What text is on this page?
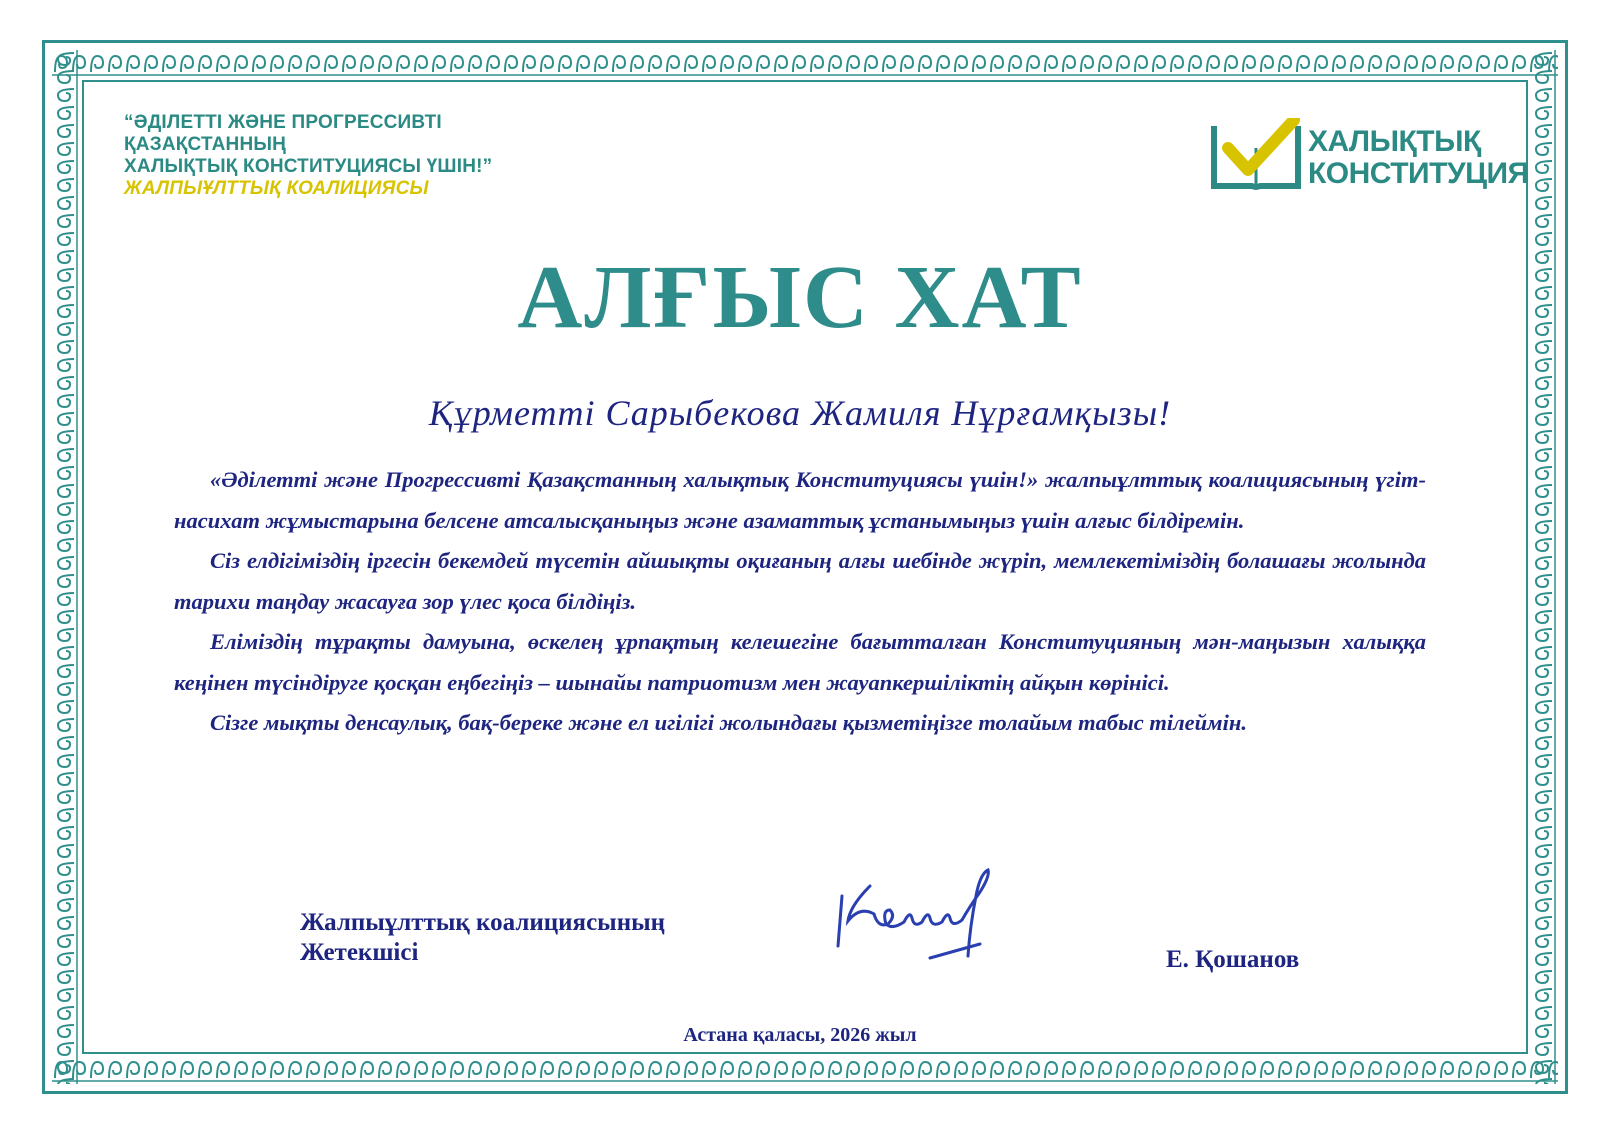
“ӘДІЛЕТТІ ЖӘНЕ ПРОГРЕССИВТІ
ҚАЗАҚСТАННЫҢ
ХАЛЫҚТЫҚ КОНСТИТУЦИЯСЫ ҮШІН!”
ЖАЛПЫҰЛТТЫҚ КОАЛИЦИЯСЫ
ХАЛЫҚТЫҚ
КОНСТИТУЦИЯ
АЛҒЫС ХАТ
Құрметті Сарыбекова Жамиля Нұрғамқызы!

«Әділетті және Прогрессивті Қазақстанның халықтық Конституциясы үшін!» жалпыұлттық коалициясының үгіт-насихат жұмыстарына белсене атсалысқаныңыз және азаматтық ұстанымыңыз үшін алғыс білдіремін.

Сіз елдігіміздің іргесін бекемдей түсетін айшықты оқиғаның алғы шебінде жүріп, мемлекетіміздің болашағы жолында тарихи таңдау жасауға зор үлес қоса білдіңіз.

Еліміздің тұрақты дамуына, өскелең ұрпақтың келешегіне бағытталған Конституцияның мән-маңызын халыққа кеңінен түсіндіруге қосқан еңбегіңіз – шынайы патриотизм мен жауапкершіліктің айқын көрінісі.

Сізге мықты денсаулық, бақ-береке және ел игілігі жолындағы қызметіңізге толайым табыс тілеймін.

Жалпыұлттық коалициясының
Жетекшісі	Е. Қошанов
Астана қаласы, 2026 жыл
